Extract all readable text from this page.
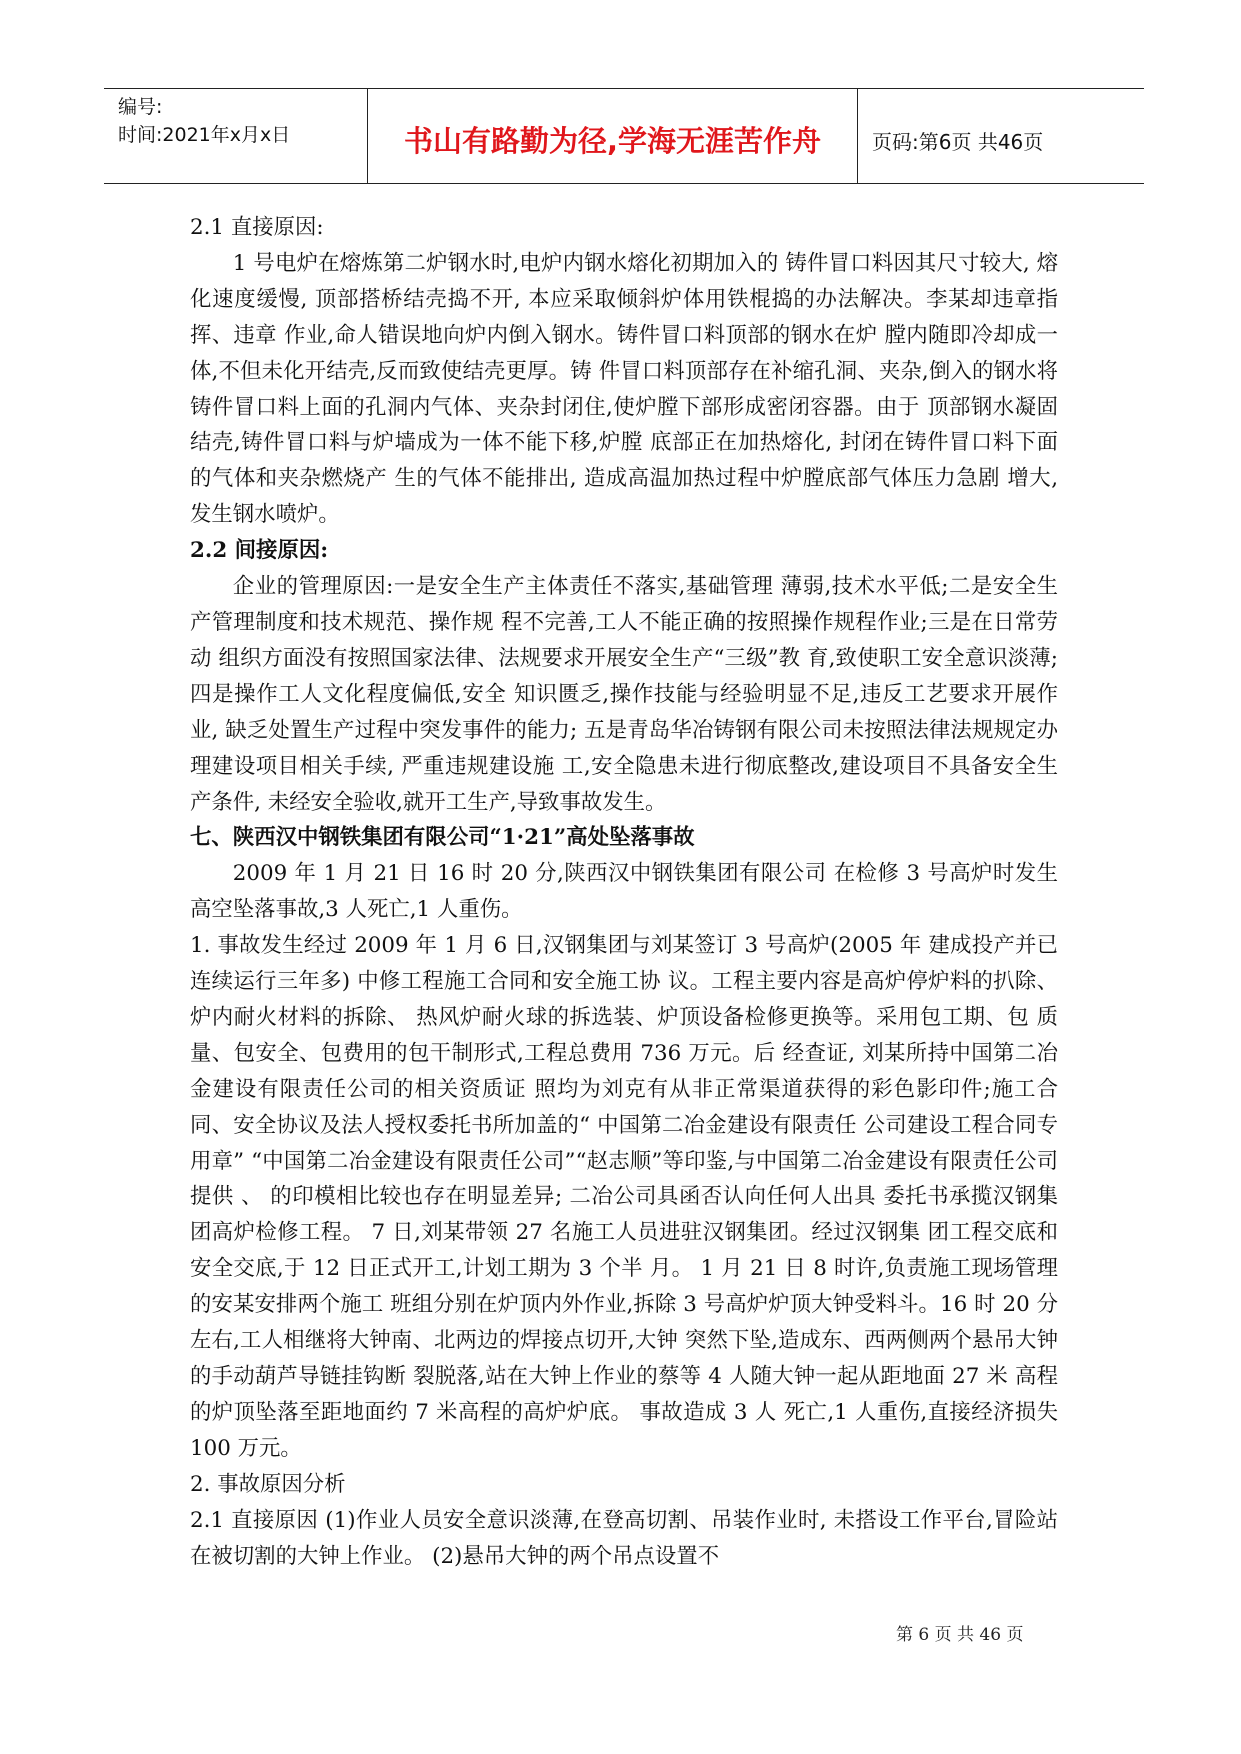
编号:
时间:2021年x月x日	书山有路勤为径,学海无涯苦作舟	页码:第6页 共46页

2.1 直接原因:

1 号电炉在熔炼第二炉钢水时,电炉内钢水熔化初期加入的 铸件冒口料因其尺寸较大, 熔化速度缓慢, 顶部搭桥结壳捣不开, 本应采取倾斜炉体用铁棍捣的办法解决。李某却违章指挥、违章 作业,命人错误地向炉内倒入钢水。铸件冒口料顶部的钢水在炉 膛内随即冷却成一体,不但未化开结壳,反而致使结壳更厚。铸 件冒口料顶部存在补缩孔洞、夹杂,倒入的钢水将铸件冒口料上面的孔洞内气体、夹杂封闭住,使炉膛下部形成密闭容器。由于 顶部钢水凝固结壳,铸件冒口料与炉墙成为一体不能下移,炉膛 底部正在加热熔化, 封闭在铸件冒口料下面的气体和夹杂燃烧产 生的气体不能排出, 造成高温加热过程中炉膛底部气体压力急剧 增大,发生钢水喷炉。

2.2 间接原因:

企业的管理原因:一是安全生产主体责任不落实,基础管理 薄弱,技术水平低;二是安全生产管理制度和技术规范、操作规 程不完善,工人不能正确的按照操作规程作业;三是在日常劳动 组织方面没有按照国家法律、法规要求开展安全生产“三级”教 育,致使职工安全意识淡薄;四是操作工人文化程度偏低,安全 知识匮乏,操作技能与经验明显不足,违反工艺要求开展作业, 缺乏处置生产过程中突发事件的能力; 五是青岛华冶铸钢有限公司未按照法律法规规定办理建设项目相关手续, 严重违规建设施 工,安全隐患未进行彻底整改,建设项目不具备安全生产条件, 未经安全验收,就开工生产,导致事故发生。

七、陕西汉中钢铁集团有限公司“1·21”高处坠落事故

2009 年 1 月 21 日 16 时 20 分,陕西汉中钢铁集团有限公司 在检修 3 号高炉时发生高空坠落事故,3 人死亡,1 人重伤。

1. 事故发生经过 2009 年 1 月 6 日,汉钢集团与刘某签订 3 号高炉(2005 年 建成投产并已连续运行三年多) 中修工程施工合同和安全施工协 议。工程主要内容是高炉停炉料的扒除、炉内耐火材料的拆除、 热风炉耐火球的拆选装、炉顶设备检修更换等。采用包工期、包 质量、包安全、包费用的包干制形式,工程总费用 736 万元。后 经查证, 刘某所持中国第二冶金建设有限责任公司的相关资质证 照均为刘克有从非正常渠道获得的彩色影印件;施工合同、安全协议及法人授权委托书所加盖的“ 中国第二冶金建设有限责任 公司建设工程合同专用章” “中国第二冶金建设有限责任公司”“赵志顺”等印鉴,与中国第二冶金建设有限责任公司提供 、 的印模相比较也存在明显差异; 二冶公司具函否认向任何人出具 委托书承揽汉钢集团高炉检修工程。 7 日,刘某带领 27 名施工人员进驻汉钢集团。经过汉钢集 团工程交底和安全交底,于 12 日正式开工,计划工期为 3 个半 月。 1 月 21 日 8 时许,负责施工现场管理的安某安排两个施工 班组分别在炉顶内外作业,拆除 3 号高炉炉顶大钟受料斗。16 时 20 分左右,工人相继将大钟南、北两边的焊接点切开,大钟 突然下坠,造成东、西两侧两个悬吊大钟的手动葫芦导链挂钩断 裂脱落,站在大钟上作业的蔡等 4 人随大钟一起从距地面 27 米 高程的炉顶坠落至距地面约 7 米高程的高炉炉底。 事故造成 3 人 死亡,1 人重伤,直接经济损失 100 万元。

2. 事故原因分析

2.1 直接原因 (1)作业人员安全意识淡薄,在登高切割、吊装作业时, 未搭设工作平台,冒险站在被切割的大钟上作业。 (2)悬吊大钟的两个吊点设置不

第 6 页 共 46 页
